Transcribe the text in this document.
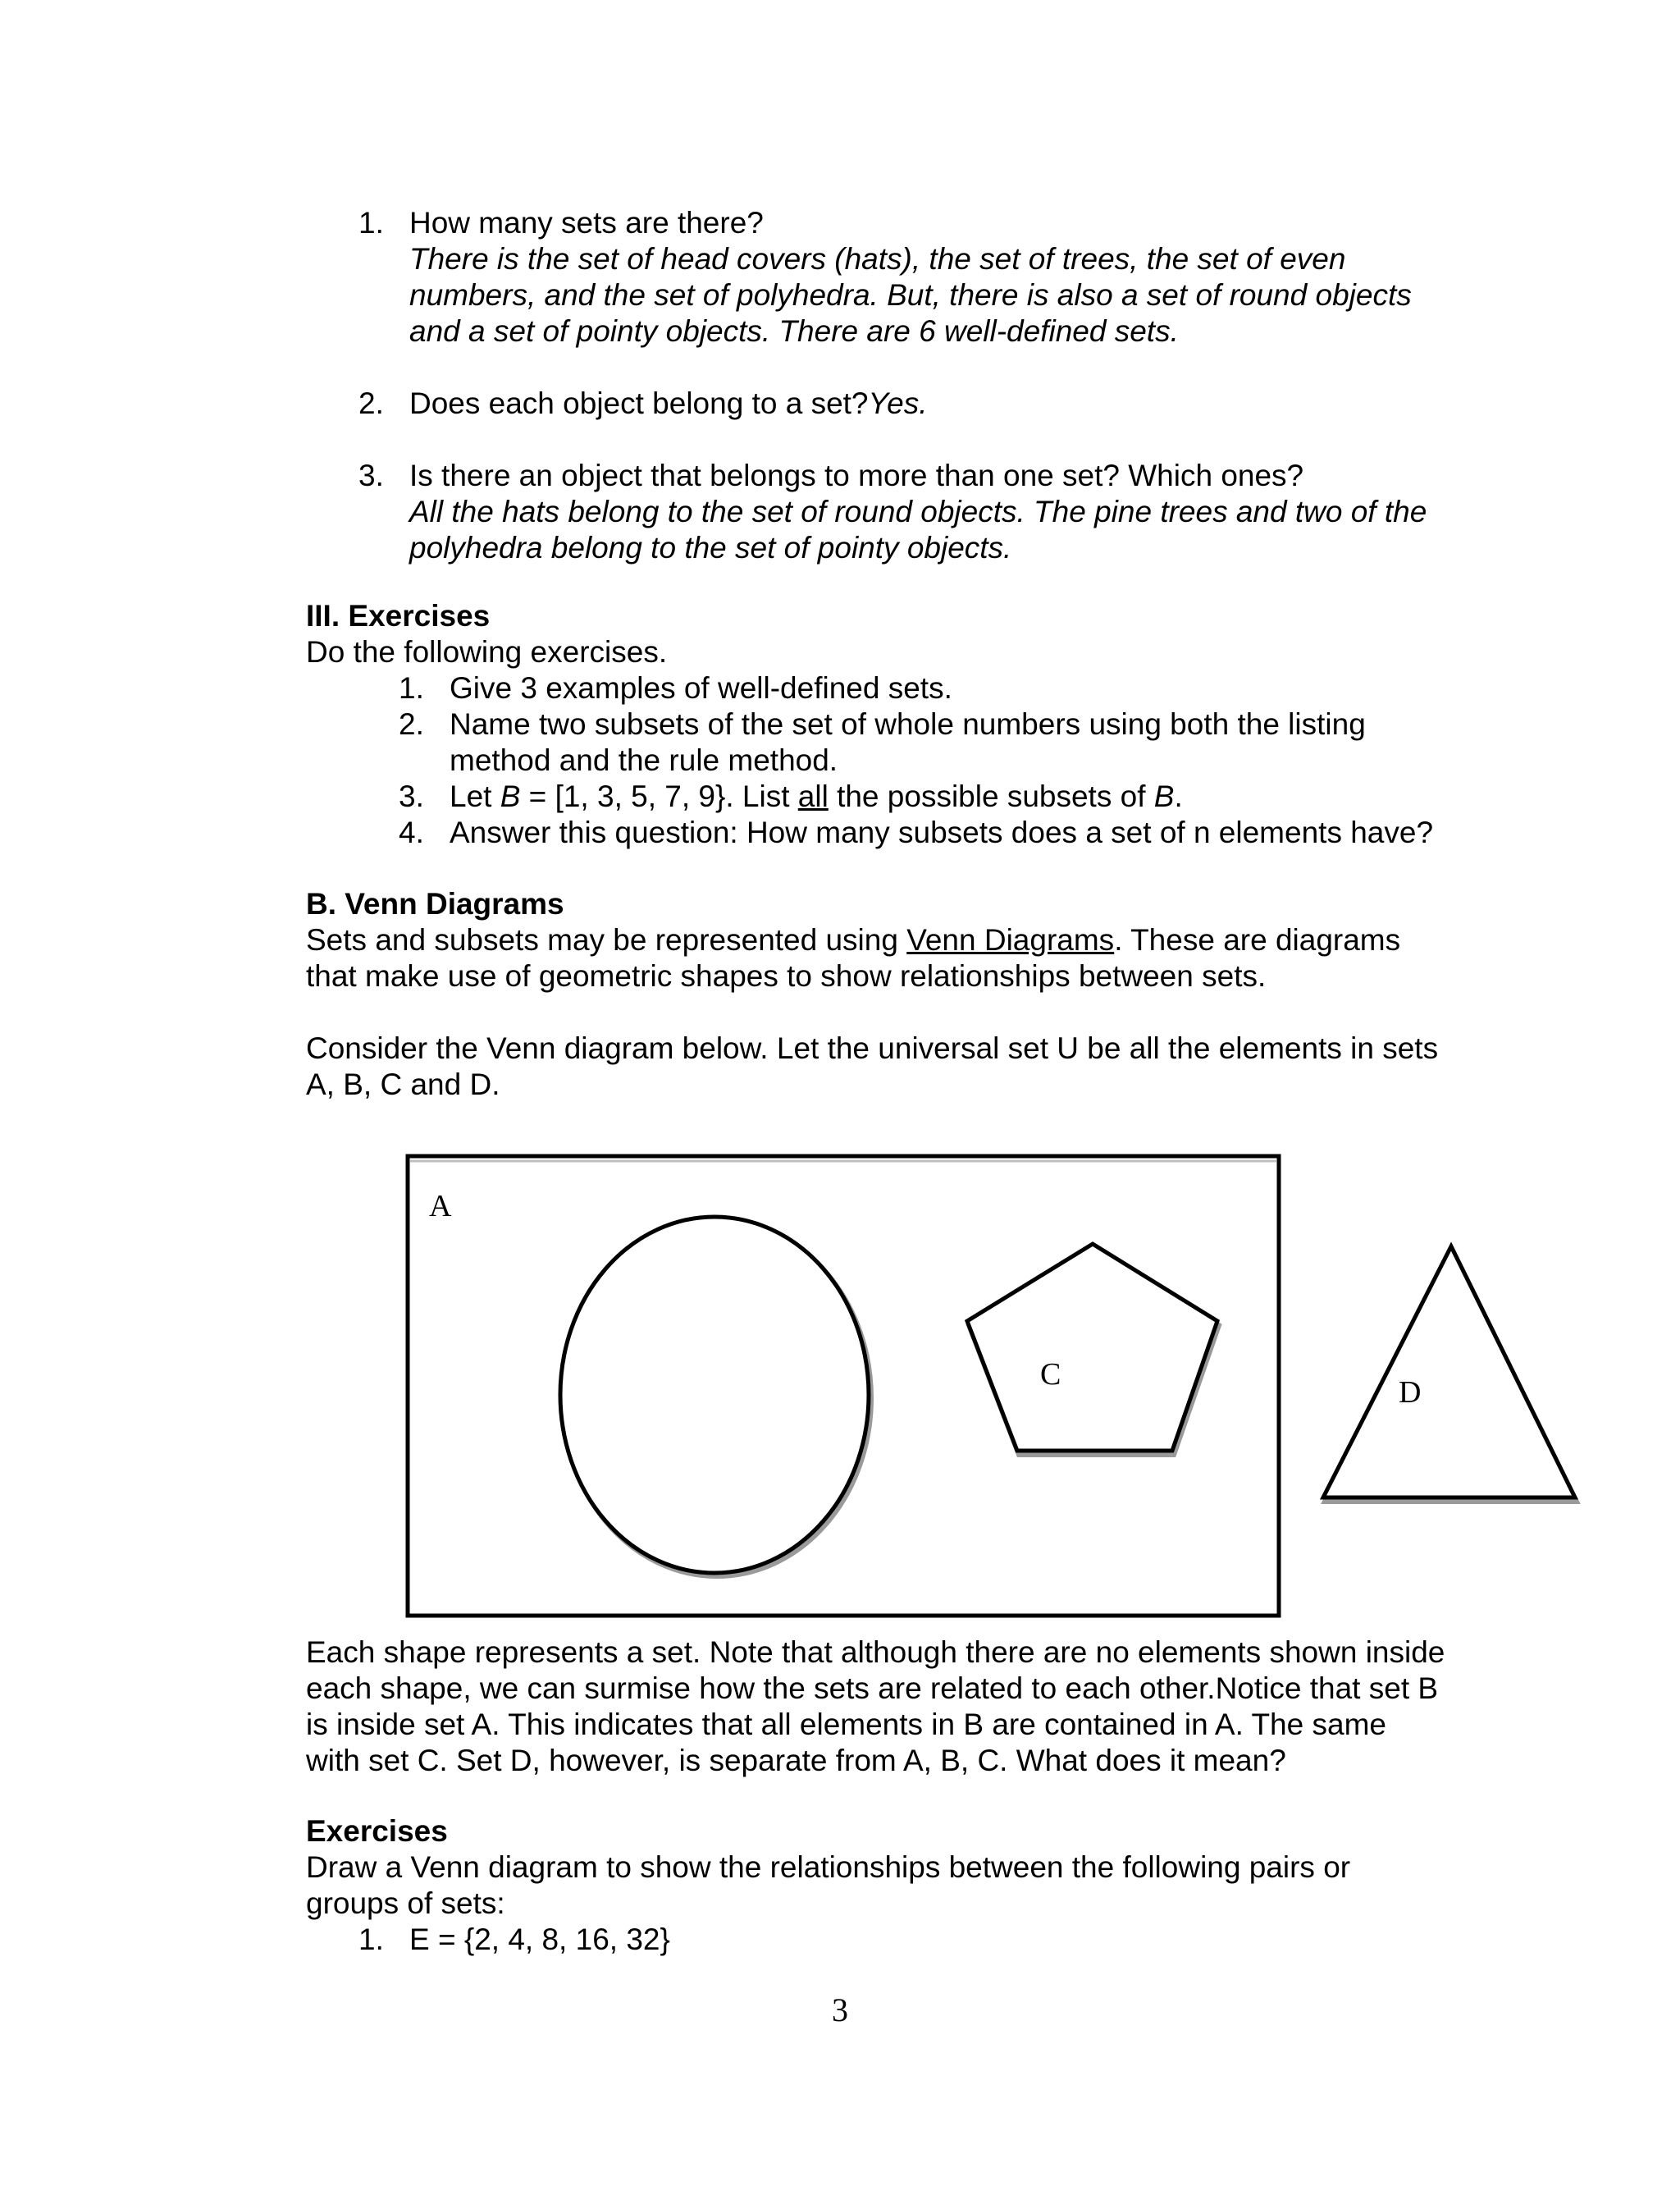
1. How many sets are there?
There is the set of head covers (hats), the set of trees, the set of even
numbers, and the set of polyhedra. But, there is also a set of round objects
and a set of pointy objects. There are 6 well-defined sets.
2. Does each object belong to a set?Yes.
3. Is there an object that belongs to more than one set? Which ones?
All the hats belong to the set of round objects. The pine trees and two of the
polyhedra belong to the set of pointy objects.
III. Exercises
Do the following exercises.
1. Give 3 examples of well-defined sets.
2. Name two subsets of the set of whole numbers using both the listing
method and the rule method.
3. Let B = [1, 3, 5, 7, 9}. List all the possible subsets of B.
4. Answer this question: How many subsets does a set of n elements have?
B. Venn Diagrams
Sets and subsets may be represented using Venn Diagrams. These are diagrams
that make use of geometric shapes to show relationships between sets.
Consider the Venn diagram below. Let the universal set U be all the elements in sets
A, B, C and D.
A
C
D
Each shape represents a set. Note that although there are no elements shown inside
each shape, we can surmise how the sets are related to each other.Notice that set B
is inside set A. This indicates that all elements in B are contained in A. The same
with set C. Set D, however, is separate from A, B, C. What does it mean?
Exercises
Draw a Venn diagram to show the relationships between the following pairs or
groups of sets:
1. E = {2, 4, 8, 16, 32}
3
